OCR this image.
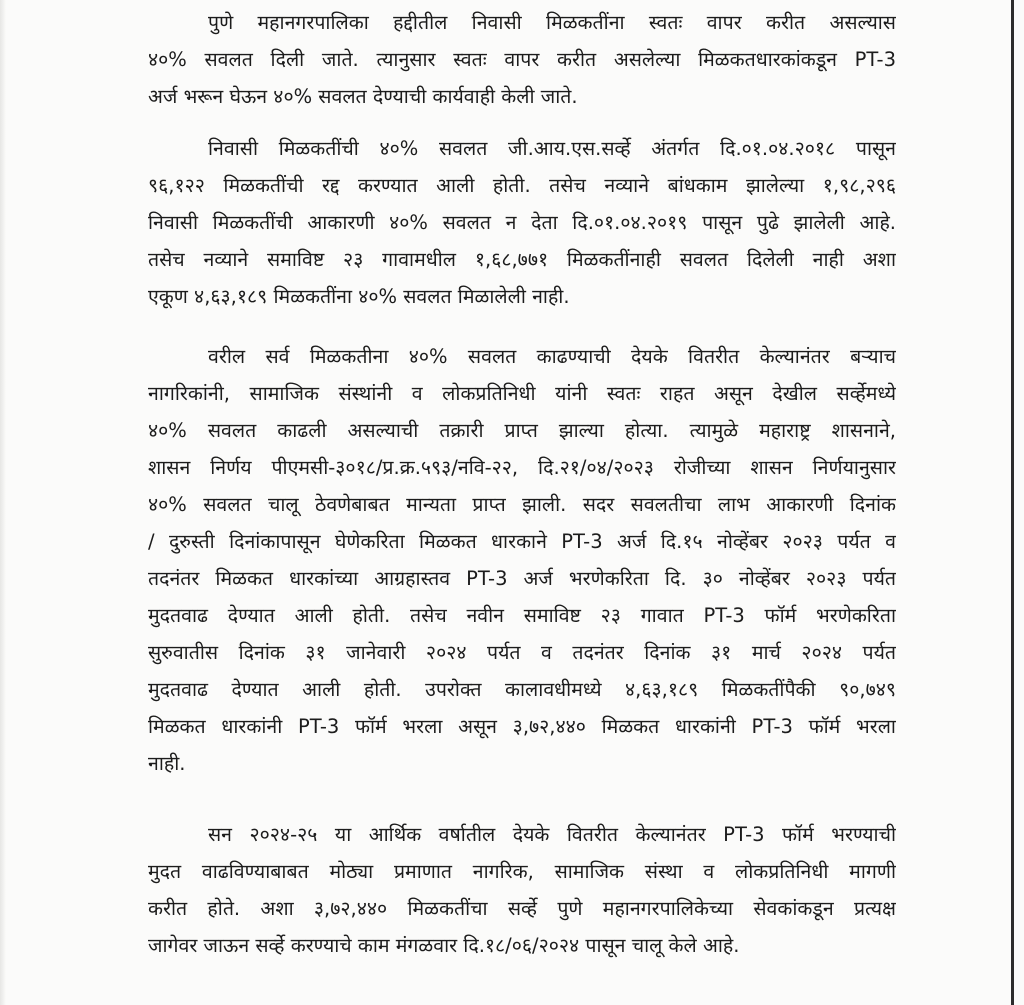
पुणे महानगरपालिका हद्दीतील निवासी मिळकतींना स्वतः वापर करीत असल्यास
४०% सवलत दिली जाते. त्यानुसार स्वतः वापर करीत असलेल्या मिळकतधारकांकडून PT-3
अर्ज भरून घेऊन ४०% सवलत देण्याची कार्यवाही केली जाते.
निवासी मिळकतींची ४०% सवलत जी.आय.एस.सर्व्हे अंतर्गत दि.०१.०४.२०१८ पासून
९६,१२२ मिळकतींची रद्द करण्यात आली होती. तसेच नव्याने बांधकाम झालेल्या १,९८,२९६
निवासी मिळकतींची आकारणी ४०% सवलत न देता दि.०१.०४.२०१९ पासून पुढे झालेली आहे.
तसेच नव्याने समाविष्ट २३ गावामधील १,६८,७७१ मिळकतींनाही सवलत दिलेली नाही अशा
एकूण ४,६३,१८९ मिळकतींना ४०% सवलत मिळालेली नाही.
वरील सर्व मिळकतीना ४०% सवलत काढण्याची देयके वितरीत केल्यानंतर बऱ्याच
नागरिकांनी, सामाजिक संस्थांनी व लोकप्रतिनिधी यांनी स्वतः राहत असून देखील सर्व्हेमध्ये
४०% सवलत काढली असल्याची तक्रारी प्राप्त झाल्या होत्या. त्यामुळे महाराष्ट्र शासनाने,
शासन निर्णय पीएमसी-३०१८/प्र.क्र.५९३/नवि-२२, दि.२१/०४/२०२३ रोजीच्या शासन निर्णयानुसार
४०% सवलत चालू ठेवणेबाबत मान्यता प्राप्त झाली. सदर सवलतीचा लाभ आकारणी दिनांक
/ दुरुस्ती दिनांकापासून घेणेकरिता मिळकत धारकाने PT-3 अर्ज दि.१५ नोव्हेंबर २०२३ पर्यत व
तदनंतर मिळकत धारकांच्या आग्रहास्तव PT-3 अर्ज भरणेकरिता दि. ३० नोव्हेंबर २०२३ पर्यत
मुदतवाढ देण्यात आली होती. तसेच नवीन समाविष्ट २३ गावात PT-3 फॉर्म भरणेकरिता
सुरुवातीस दिनांक ३१ जानेवारी २०२४ पर्यत व तदनंतर दिनांक ३१ मार्च २०२४ पर्यत
मुदतवाढ देण्यात आली होती. उपरोक्त कालावधीमध्ये ४,६३,१८९ मिळकतींपैकी ९०,७४९
मिळकत धारकांनी PT-3 फॉर्म भरला असून ३,७२,४४० मिळकत धारकांनी PT-3 फॉर्म भरला
नाही.
सन २०२४-२५ या आर्थिक वर्षातील देयके वितरीत केल्यानंतर PT-3 फॉर्म भरण्याची
मुदत वाढविण्याबाबत मोठ्या प्रमाणात नागरिक, सामाजिक संस्था व लोकप्रतिनिधी मागणी
करीत होते. अशा ३,७२,४४० मिळकतींचा सर्व्हे पुणे महानगरपालिकेच्या सेवकांकडून प्रत्यक्ष
जागेवर जाऊन सर्व्हे करण्याचे काम मंगळवार दि.१८/०६/२०२४ पासून चालू केले आहे.
